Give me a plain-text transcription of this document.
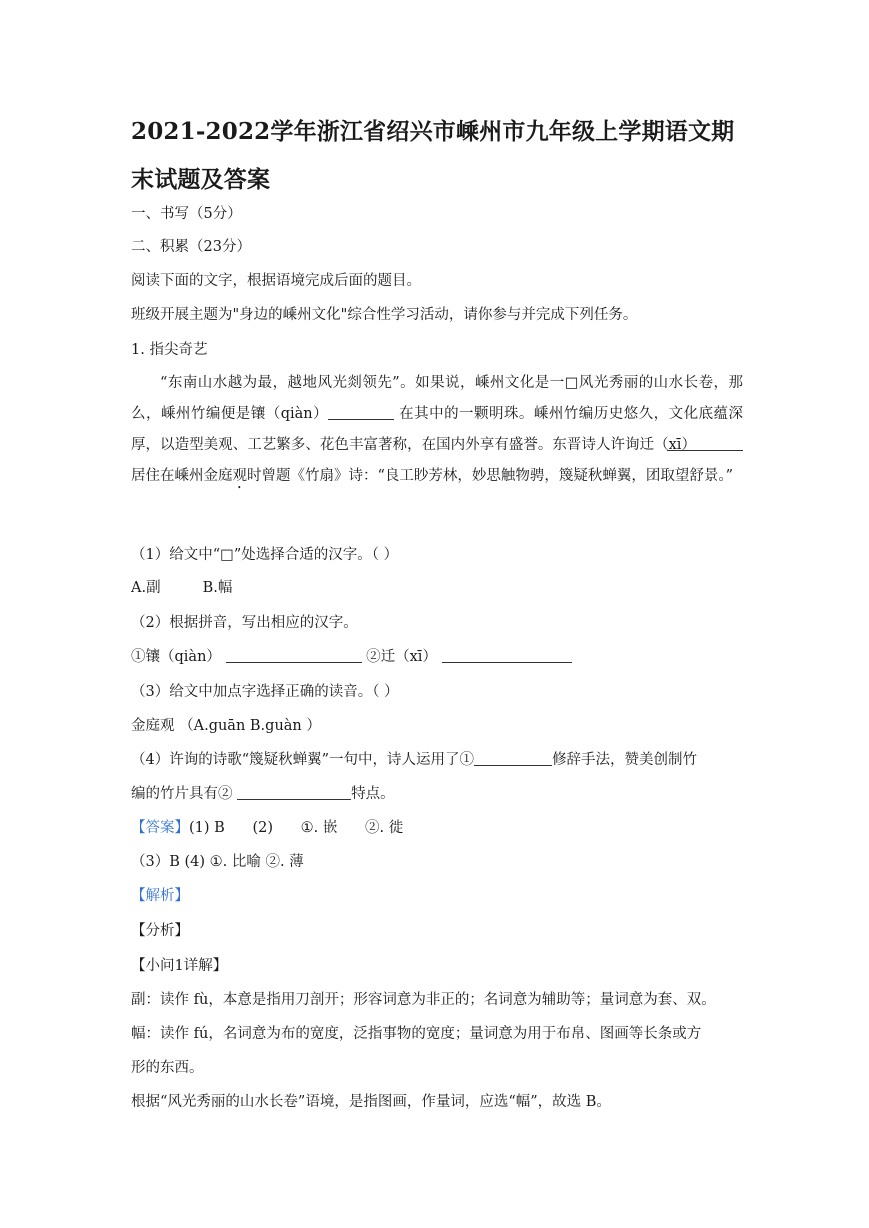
2021-2022学年浙江省绍兴市嵊州市九年级上学期语文期末试题及答案
一、书写（5分）
二、积累（23分）
阅读下面的文字，根据语境完成后面的题目。
班级开展主题为"身边的嵊州文化"综合性学习活动，请你参与并完成下列任务。
1. 指尖奇艺
“东南山水越为最，越地风光剡领先”。如果说，嵊州文化是一□风光秀丽的山水长卷，那么，嵊州竹编便是镶（qiàn）	在其中的一颗明珠。嵊州竹编历史悠久，文化底蕴深厚，以造型美观、工艺繁多、花色丰富著称，在国内外享有盛誉。东晋诗人许询迁（xī） 居住在嵊州金庭观时曾题《竹扇》诗：“良工眇芳林，妙思触物骋，篾疑秋蝉翼，团取望舒景。”
（1）给文中“□”处选择合适的汉字。（ ）
A.副	B.幅
（2）根据拼音，写出相应的汉字。
①镶（qiàn）	②迁（xī）
（3）给文中加点字选择正确的读音。（ ）
金庭观 （A.guān B.guàn ）
（4）许询的诗歌“篾疑秋蝉翼”一句中，诗人运用了①	修辞手法，赞美创制竹
编的竹片具有②	特点。
【答案】(1) B      (2)      ①. 嵌      ②. 徙
（3）B (4) ①. 比喻 ②. 薄
【解析】
【分析】
【小问1详解】
副：读作 fù，本意是指用刀剖开；形容词意为非正的；名词意为辅助等；量词意为套、双。
幅：读作 fú，名词意为布的宽度，泛指事物的宽度；量词意为用于布帛、图画等长条或方
形的东西。
根据“风光秀丽的山水长卷”语境，是指图画，作量词，应选“幅”，故选 B。
